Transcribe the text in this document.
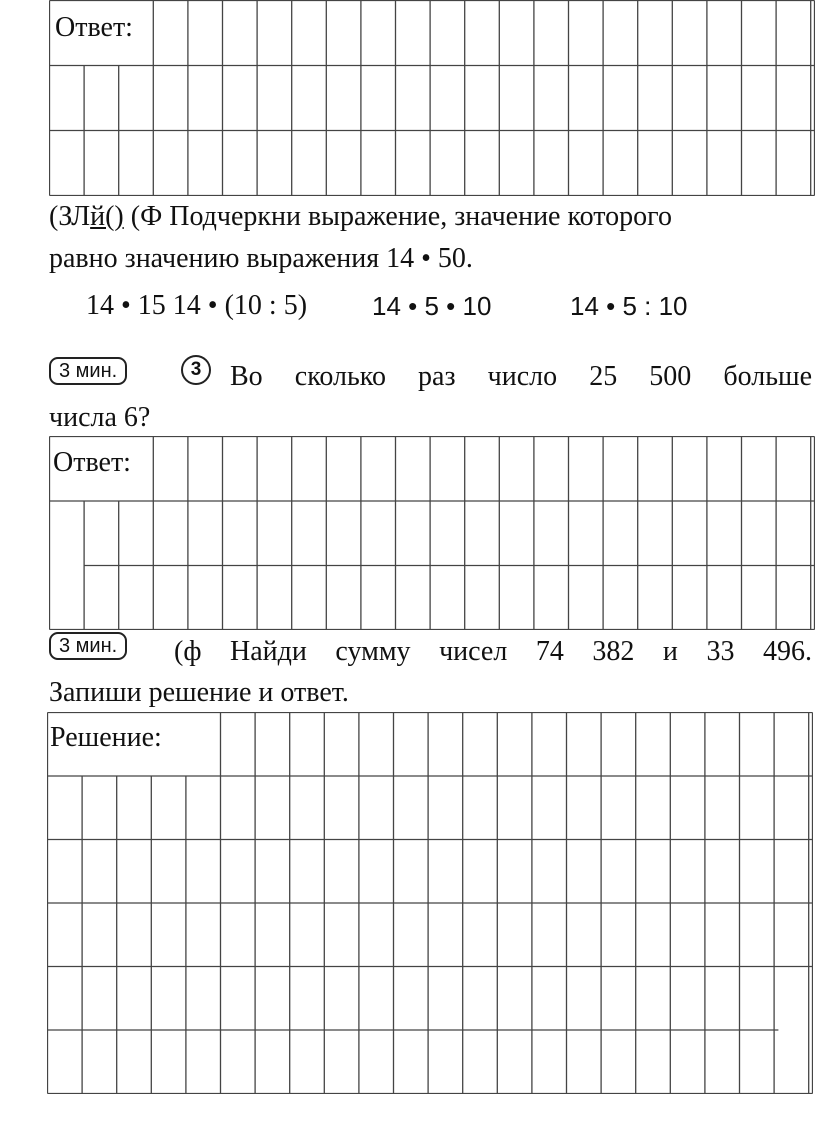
Ответ:
(ЗЛй() (Ф Подчеркни выражение, значение которого
равно значению выражения 14 • 50.
14 • 15 14 • (10 : 5) 14 • 5 • 10	14 • 5 : 10
3 мин.	3	Во сколько раз число 25 500 больше
числа 6?
Ответ:
3 мин.	(ф Найди сумму чисел 74 382 и 33 496.
Запиши решение и ответ.
Решение:
